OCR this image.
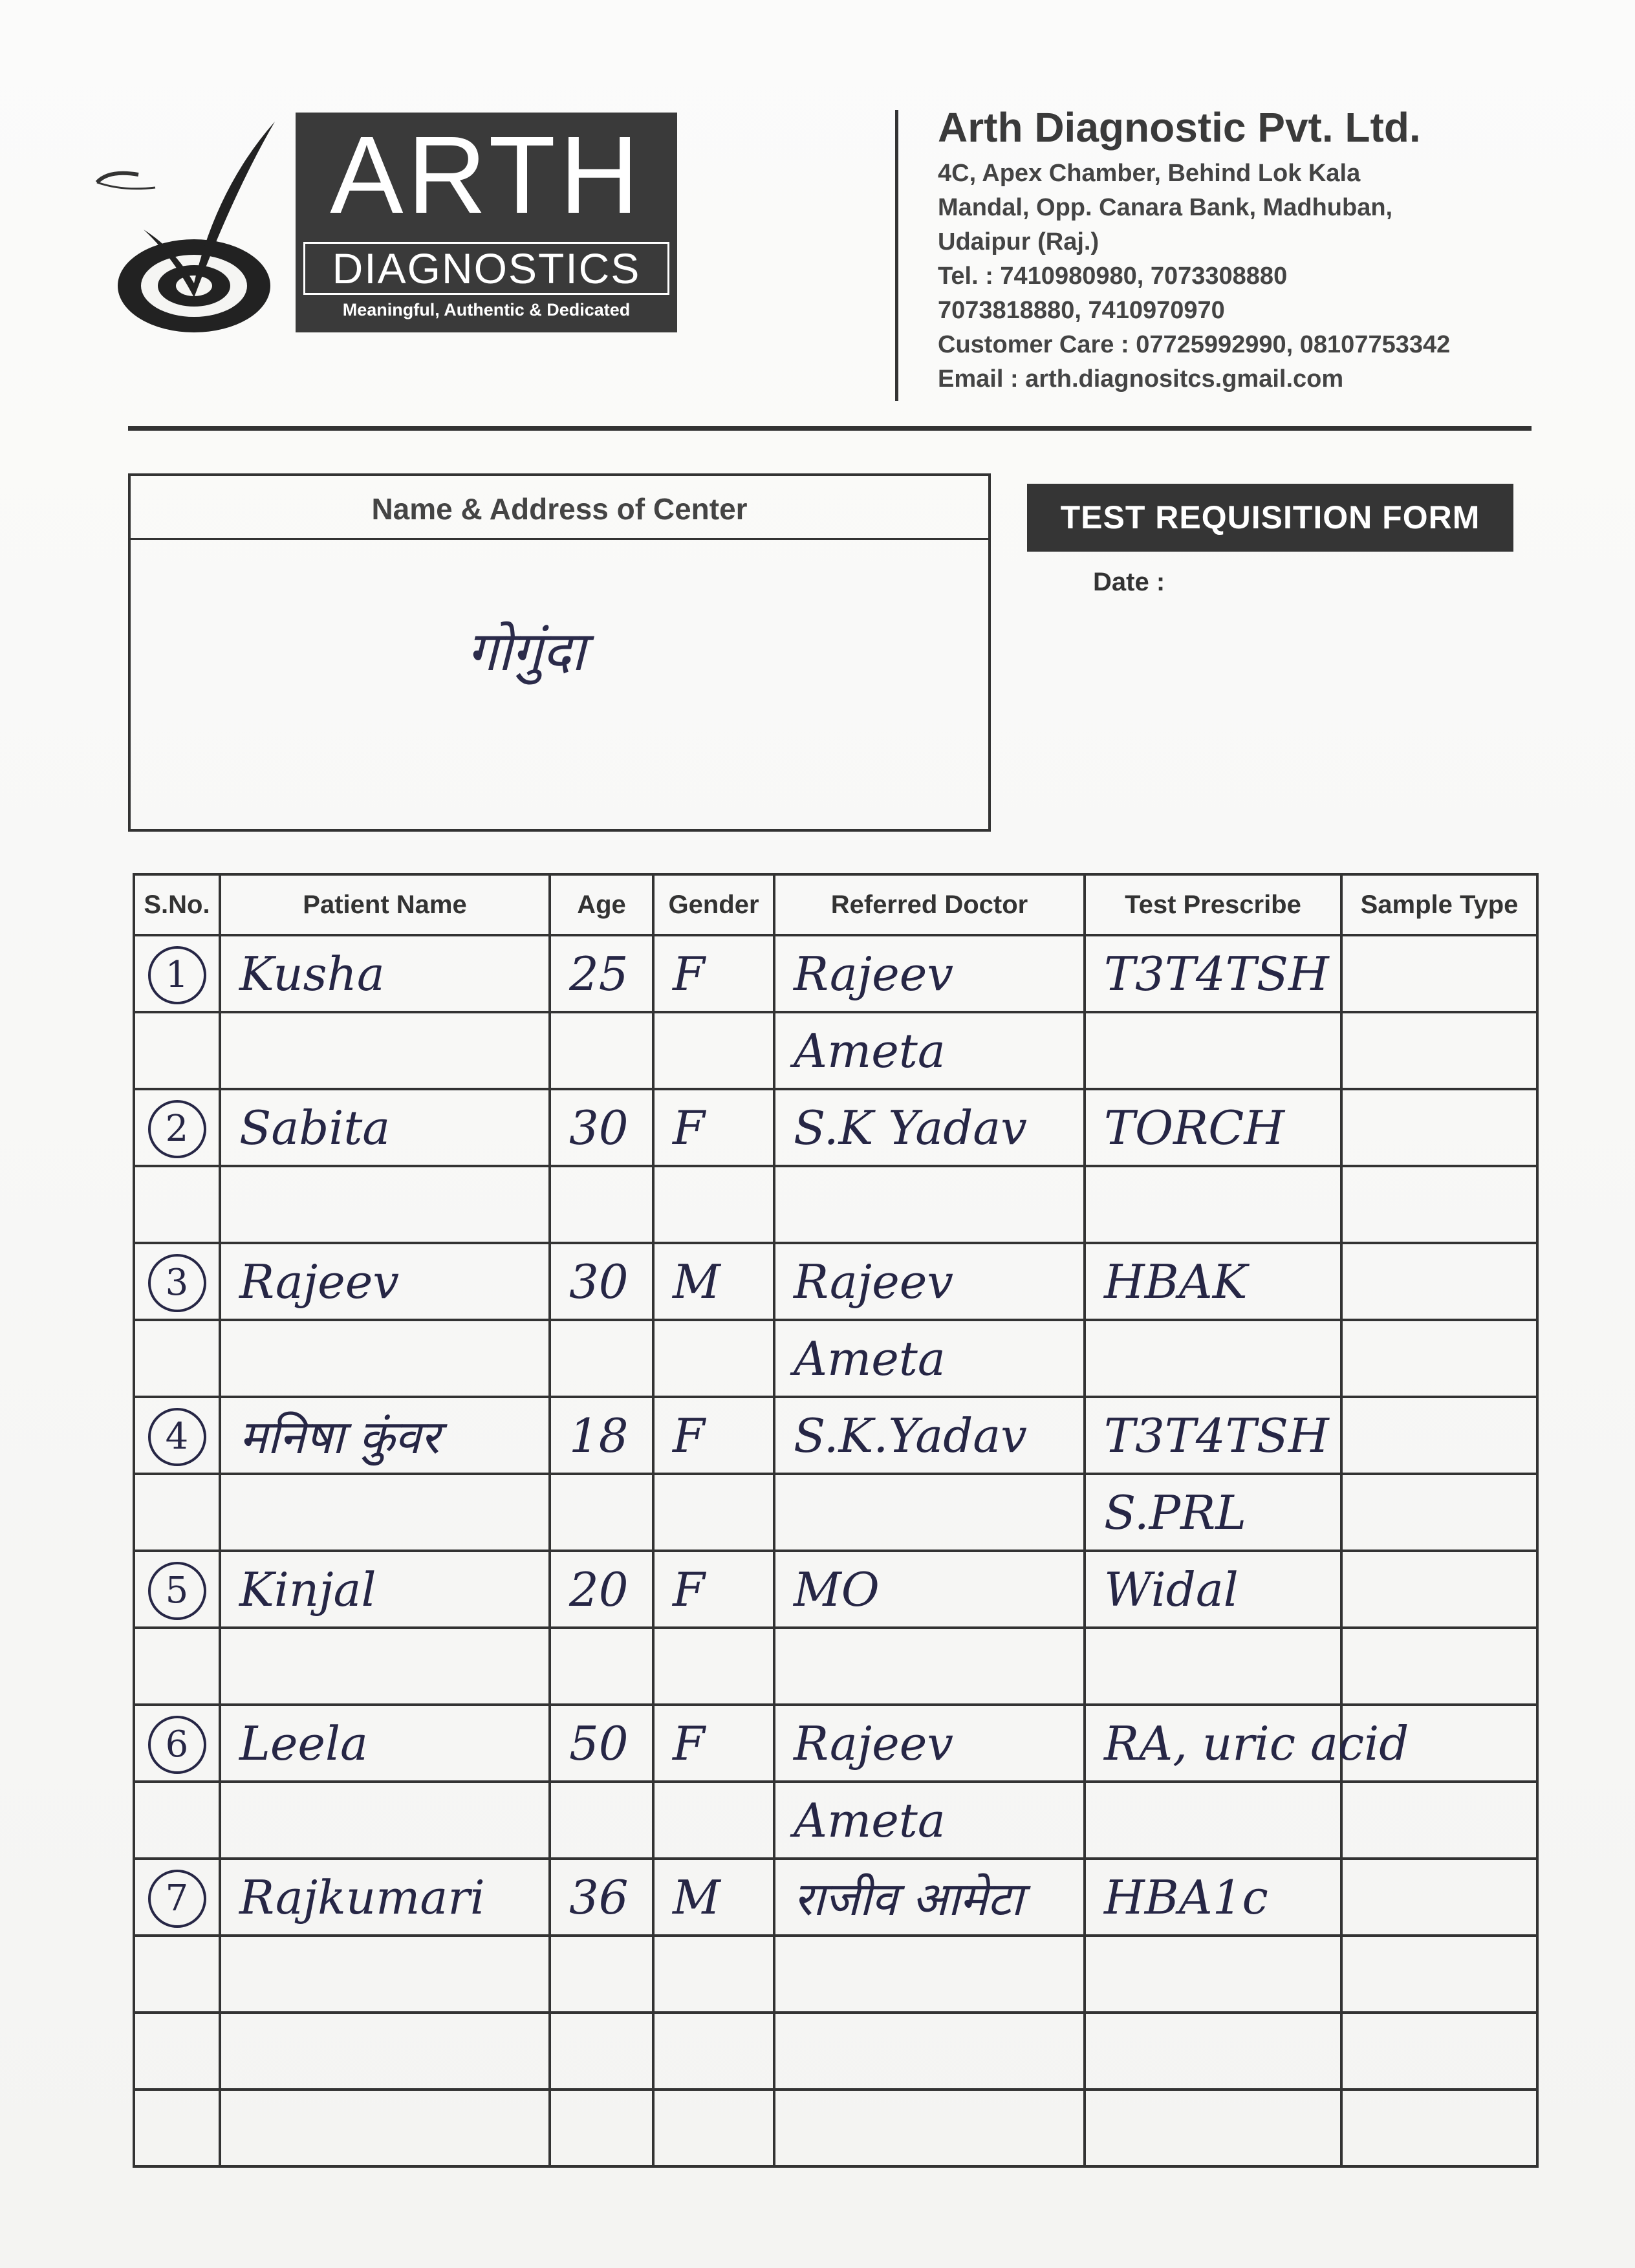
ARTH
DIAGNOSTICS
Meaningful, Authentic & Dedicated
Arth Diagnostic Pvt. Ltd.
4C, Apex Chamber, Behind Lok Kala
Mandal, Opp. Canara Bank, Madhuban,
Udaipur (Raj.)
Tel. : 7410980980, 7073308880
7073818880, 7410970970
Customer Care : 07725992990, 08107753342
Email : arth.diagnositcs.gmail.com
Name & Address of Center
गोगुंदा
TEST REQUISITION FORM
Date :
S.No.	Patient Name	Age	Gender	Referred Doctor	Test Prescribe	Sample Type
1	Kusha	25	F	Rajeev	T3T4TSH	
				Ameta		
2	Sabita	30	F	S.K Yadav	TORCH	

3	Rajeev	30	M	Rajeev	HBAK	
				Ameta		
4	मनिषा कुंवर	18	F	S.K.Yadav	T3T4TSH	
					S.PRL	
5	Kinjal	20	F	MO	Widal	

6	Leela	50	F	Rajeev	RA, uric acid	
				Ameta		
7	Rajkumari	36	M	राजीव आमेटा	HBA1c	
